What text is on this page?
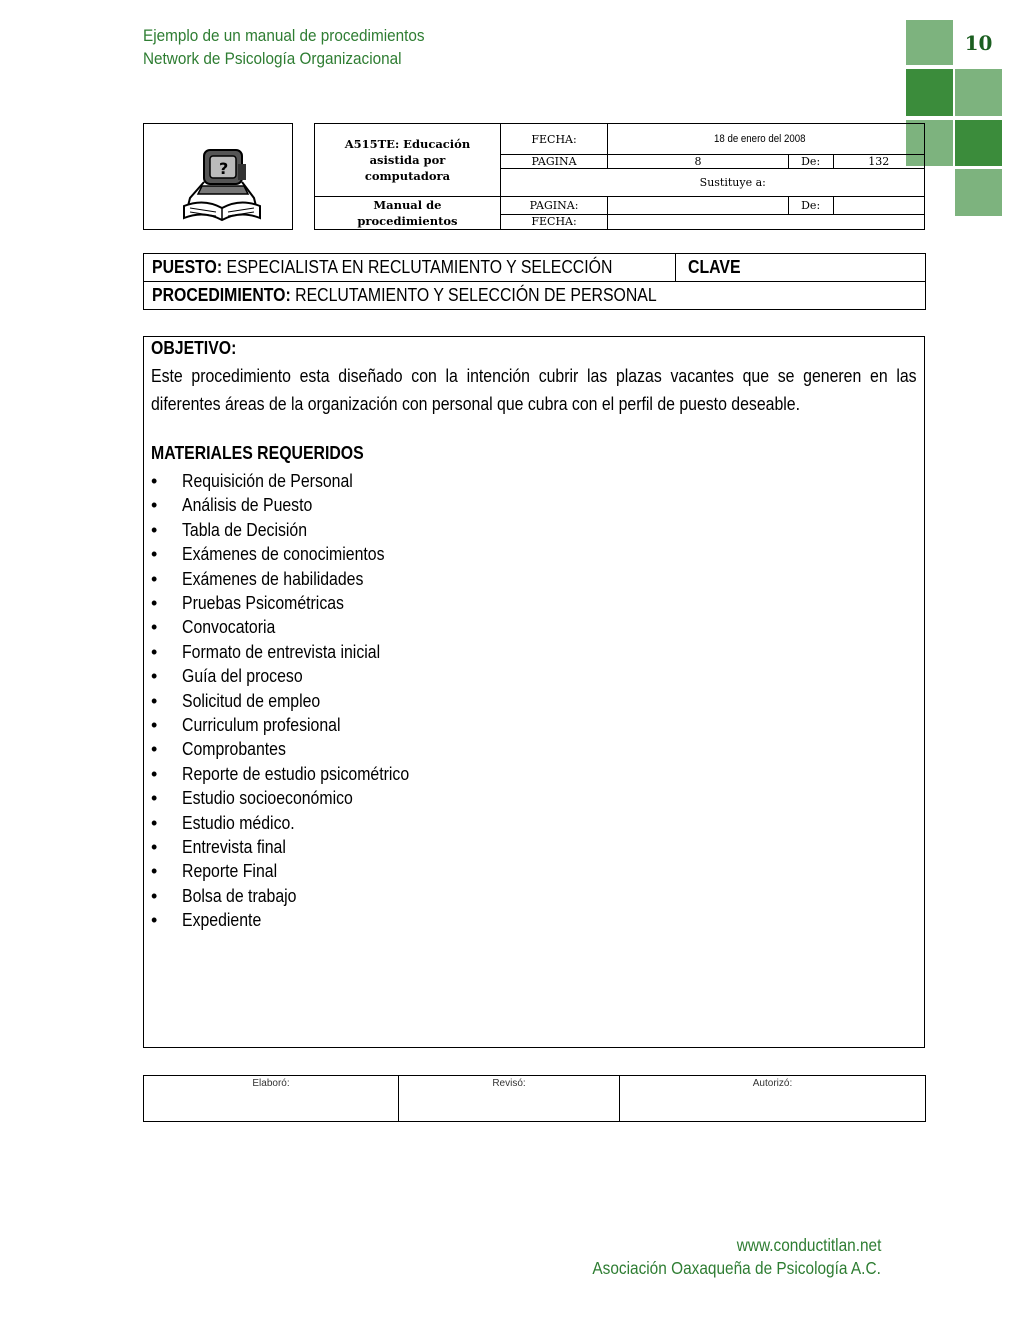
Ejemplo de un manual de procedimientos
Network de Psicología Organizacional
10
?
A515TE: Educación
asistida por
computadora	FECHA:	18 de enero del 2008		
	PAGINA	8	De:	132
		Sustituye a:		

Manual de
procedimientos	PAGINA:		De:	
	FECHA:			
PUESTO: ESPECIALISTA EN RECLUTAMIENTO Y SELECCIÓN	CLAVE
PROCEDIMIENTO: RECLUTAMIENTO Y SELECCIÓN DE PERSONAL
OBJETIVO:
Este procedimiento esta diseñado con la intención cubrir las plazas vacantes que se generen en las diferentes áreas de la organización con personal que cubra con el perfil de puesto deseable.
MATERIALES REQUERIDOS
• Requisición de Personal
• Análisis de Puesto
• Tabla de Decisión
• Exámenes de conocimientos
• Exámenes de habilidades
• Pruebas Psicométricas
• Convocatoria
• Formato de entrevista inicial
• Guía del proceso
• Solicitud de empleo
• Curriculum profesional
• Comprobantes
• Reporte de estudio psicométrico
• Estudio socioeconómico
• Estudio médico.
• Entrevista final
• Reporte Final
• Bolsa de trabajo
• Expediente
Elaboró:	Revisó:	Autorizó:
www.conductitlan.net
Asociación Oaxaqueña de Psicología A.C.
